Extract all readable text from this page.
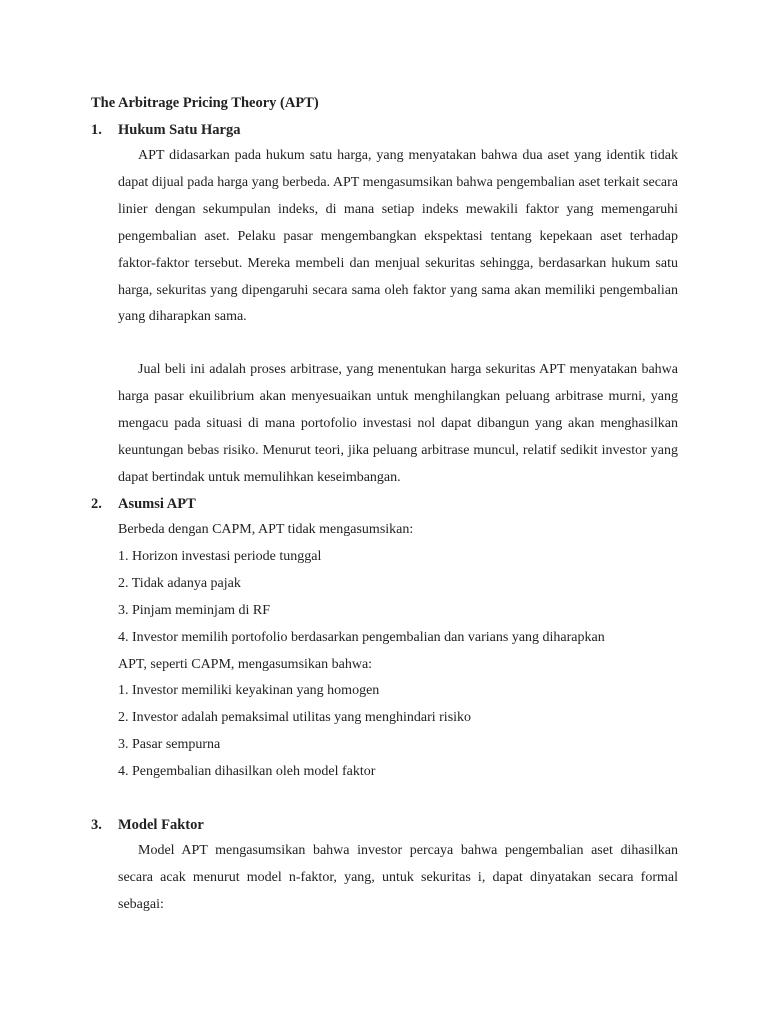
The Arbitrage Pricing Theory (APT)
1. Hukum Satu Harga

APT didasarkan pada hukum satu harga, yang menyatakan bahwa dua aset yang identik tidak dapat dijual pada harga yang berbeda. APT mengasumsikan bahwa pengembalian aset terkait secara linier dengan sekumpulan indeks, di mana setiap indeks mewakili faktor yang memengaruhi pengembalian aset. Pelaku pasar mengembangkan ekspektasi tentang kepekaan aset terhadap faktor-faktor tersebut. Mereka membeli dan menjual sekuritas sehingga, berdasarkan hukum satu harga, sekuritas yang dipengaruhi secara sama oleh faktor yang sama akan memiliki pengembalian yang diharapkan sama.

Jual beli ini adalah proses arbitrase, yang menentukan harga sekuritas APT menyatakan bahwa harga pasar ekuilibrium akan menyesuaikan untuk menghilangkan peluang arbitrase murni, yang mengacu pada situasi di mana portofolio investasi nol dapat dibangun yang akan menghasilkan keuntungan bebas risiko. Menurut teori, jika peluang arbitrase muncul, relatif sedikit investor yang dapat bertindak untuk memulihkan keseimbangan.

2. Asumsi APT
Berbeda dengan CAPM, APT tidak mengasumsikan:
1. Horizon investasi periode tunggal
2. Tidak adanya pajak
3. Pinjam meminjam di RF
4. Investor memilih portofolio berdasarkan pengembalian dan varians yang diharapkan
APT, seperti CAPM, mengasumsikan bahwa:
1. Investor memiliki keyakinan yang homogen
2. Investor adalah pemaksimal utilitas yang menghindari risiko
3. Pasar sempurna
4. Pengembalian dihasilkan oleh model faktor
3. Model Faktor

Model APT mengasumsikan bahwa investor percaya bahwa pengembalian aset dihasilkan secara acak menurut model n-faktor, yang, untuk sekuritas i, dapat dinyatakan secara formal sebagai:
